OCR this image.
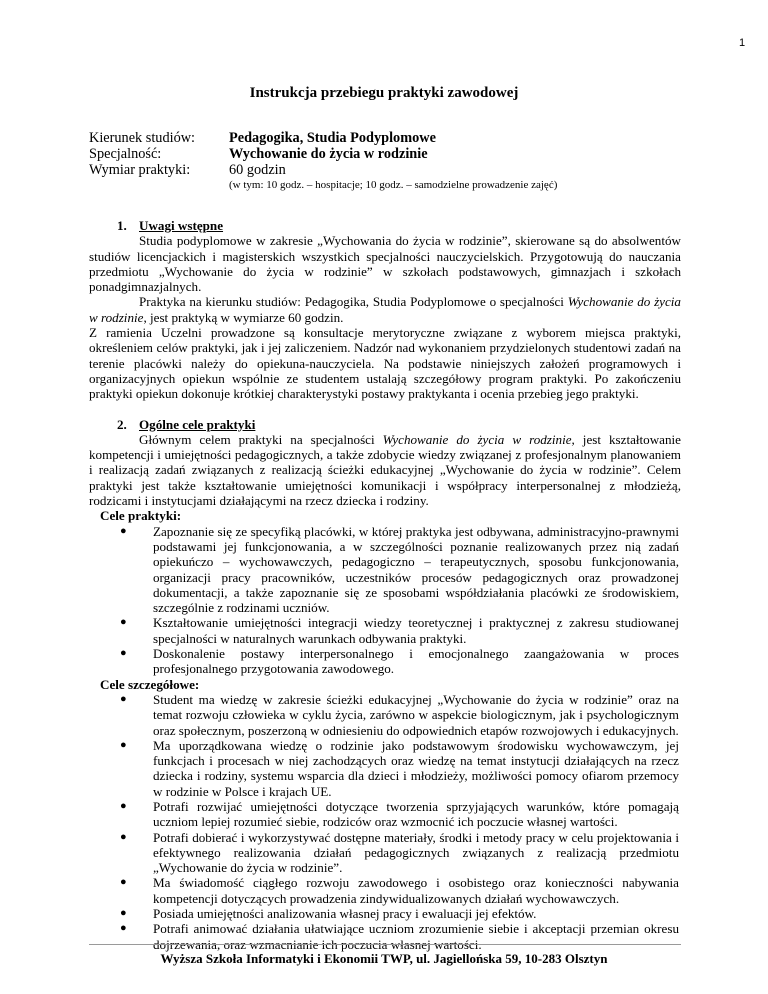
1
Instrukcja przebiegu praktyki zawodowej
Kierunek studiów: Pedagogika, Studia Podyplomowe
Specjalność:	Wychowanie do życia w rodzinie
Wymiar praktyki:	60 godzin
(w tym: 10 godz. – hospitacje; 10 godz. – samodzielne prowadzenie zajęć)
1. Uwagi wstępne

Studia podyplomowe w zakresie „Wychowania do życia w rodzinie”, skierowane są do absolwentów studiów licencjackich i magisterskich wszystkich specjalności nauczycielskich. Przygotowują do nauczania przedmiotu „Wychowanie do życia w rodzinie” w szkołach podstawowych, gimnazjach i szkołach ponadgimnazjalnych.

Praktyka na kierunku studiów: Pedagogika, Studia Podyplomowe o specjalności Wychowanie do życia w rodzinie, jest praktyką w wymiarze 60 godzin.

Z ramienia Uczelni prowadzone są konsultacje merytoryczne związane z wyborem miejsca praktyki, określeniem celów praktyki, jak i jej zaliczeniem. Nadzór nad wykonaniem przydzielonych studentowi zadań na terenie placówki należy do opiekuna-nauczyciela. Na podstawie niniejszych założeń programowych i organizacyjnych opiekun wspólnie ze studentem ustalają szczegółowy program praktyki. Po zakończeniu praktyki opiekun dokonuje krótkiej charakterystyki postawy praktykanta i ocenia przebieg jego praktyki.

2. Ogólne cele praktyki

Głównym celem praktyki na specjalności Wychowanie do życia w rodzinie, jest kształtowanie kompetencji i umiejętności pedagogicznych, a także zdobycie wiedzy związanej z profesjonalnym planowaniem i realizacją zadań związanych z realizacją ścieżki edukacyjnej „Wychowanie do życia w rodzinie”. Celem praktyki jest także kształtowanie umiejętności komunikacji i współpracy interpersonalnej z młodzieżą, rodzicami i instytucjami działającymi na rzecz dziecka i rodziny.

Cele praktyki:
● Zapoznanie się ze specyfiką placówki, w której praktyka jest odbywana, administracyjno-prawnymi podstawami jej funkcjonowania, a w szczególności poznanie realizowanych przez nią zadań opiekuńczo – wychowawczych, pedagogiczno – terapeutycznych, sposobu funkcjonowania, organizacji pracy pracowników, uczestników procesów pedagogicznych oraz prowadzonej dokumentacji, a także zapoznanie się ze sposobami współdziałania placówki ze środowiskiem, szczególnie z rodzinami uczniów.
● Kształtowanie umiejętności integracji wiedzy teoretycznej i praktycznej z zakresu studiowanej specjalności w naturalnych warunkach odbywania praktyki.
● Doskonalenie postawy interpersonalnego i emocjonalnego zaangażowania w proces profesjonalnego przygotowania zawodowego.
Cele szczegółowe:
● Student ma wiedzę w zakresie ścieżki edukacyjnej „Wychowanie do życia w rodzinie” oraz na temat rozwoju człowieka w cyklu życia, zarówno w aspekcie biologicznym, jak i psychologicznym oraz społecznym, poszerzoną w odniesieniu do odpowiednich etapów rozwojowych i edukacyjnych.
● Ma uporządkowana wiedzę o rodzinie jako podstawowym środowisku wychowawczym, jej funkcjach i procesach w niej zachodzących oraz wiedzę na temat instytucji działających na rzecz dziecka i rodziny, systemu wsparcia dla dzieci i młodzieży, możliwości pomocy ofiarom przemocy w rodzinie w Polsce i krajach UE.
● Potrafi rozwijać umiejętności dotyczące tworzenia sprzyjających warunków, które pomagają uczniom lepiej rozumieć siebie, rodziców oraz wzmocnić ich poczucie własnej wartości.
● Potrafi dobierać i wykorzystywać dostępne materiały, środki i metody pracy w celu projektowania i efektywnego realizowania działań pedagogicznych związanych z realizacją przedmiotu „Wychowanie do życia w rodzinie”.
● Ma świadomość ciągłego rozwoju zawodowego i osobistego oraz konieczności nabywania kompetencji dotyczących prowadzenia zindywidualizowanych działań wychowawczych.
● Posiada umiejętności analizowania własnej pracy i ewaluacji jej efektów.
● Potrafi animować działania ułatwiające uczniom zrozumienie siebie i akceptacji przemian okresu dojrzewania, oraz wzmacnianie ich poczucia własnej wartości.
Wyższa Szkoła Informatyki i Ekonomii TWP, ul. Jagiellońska 59, 10-283 Olsztyn
